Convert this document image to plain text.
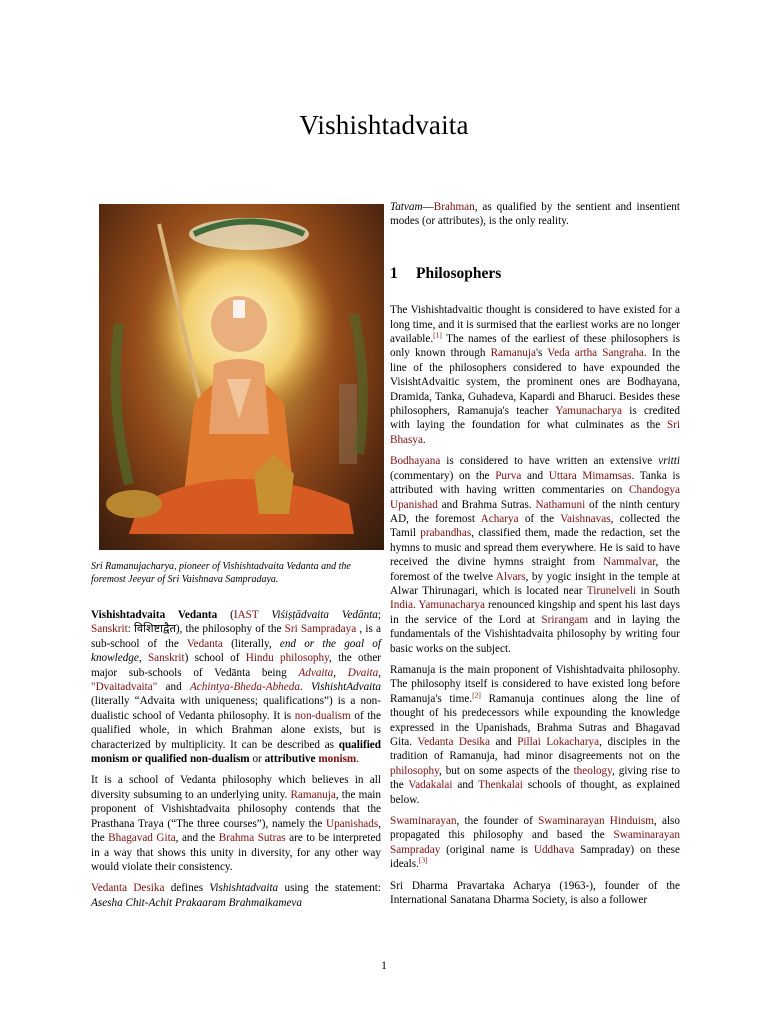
Vishishtadvaita
Sri Ramanujacharya, pioneer of Vishishtadvaita Vedanta and the foremost Jeeyar of Sri Vaishnava Sampradaya.

Vishishtadvaita Vedanta (IAST Viśiṣṭādvaita Vedānta; Sanskrit: विशिष्टाद्वैत), the philosophy of the Sri Sampradaya , is a sub-school of the Vedanta (literally, end or the goal of knowledge, Sanskrit) school of Hindu philosophy, the other major sub-schools of Vedānta being Advaita, Dvaita, "Dvaitadvaita" and Achintya-Bheda-Abheda. VishishtAdvaita (literally “Advaita with uniqueness; qualifications”) is a non-dualistic school of Vedanta philosophy. It is non-dualism of the qualified whole, in which Brahman alone exists, but is characterized by multiplicity. It can be described as qualified monism or qualified non-dualism or attributive monism.

It is a school of Vedanta philosophy which believes in all diversity subsuming to an underlying unity. Ramanuja, the main proponent of Vishishtadvaita philosophy contends that the Prasthana Traya (“The three courses”), namely the Upanishads, the Bhagavad Gita, and the Brahma Sutras are to be interpreted in a way that shows this unity in diversity, for any other way would violate their consistency.

Vedanta Desika defines Vishishtadvaita using the statement: Asesha Chit-Achit Prakaaram Brahmaikameva

Tatvam—Brahman, as qualified by the sentient and insentient modes (or attributes), is the only reality.

1 Philosophers

The Vishishtadvaitic thought is considered to have existed for a long time, and it is surmised that the earliest works are no longer available.[1] The names of the earliest of these philosophers is only known through Ramanuja's Veda artha Sangraha. In the line of the philosophers considered to have expounded the VisishtAdvaitic system, the prominent ones are Bodhayana, Dramida, Tanka, Guhadeva, Kapardi and Bharuci. Besides these philosophers, Ramanuja's teacher Yamunacharya is credited with laying the foundation for what culminates as the Sri Bhasya.

Bodhayana is considered to have written an extensive vritti (commentary) on the Purva and Uttara Mimamsas. Tanka is attributed with having written commentaries on Chandogya Upanishad and Brahma Sutras. Nathamuni of the ninth century AD, the foremost Acharya of the Vaishnavas, collected the Tamil prabandhas, classified them, made the redaction, set the hymns to music and spread them everywhere. He is said to have received the divine hymns straight from Nammalvar, the foremost of the twelve Alvars, by yogic insight in the temple at Alwar Thirunagari, which is located near Tirunelveli in South India. Yamunacharya renounced kingship and spent his last days in the service of the Lord at Srirangam and in laying the fundamentals of the Vishishtadvaita philosophy by writing four basic works on the subject.

Ramanuja is the main proponent of Vishishtadvaita philosophy. The philosophy itself is considered to have existed long before Ramanuja's time.[2] Ramanuja continues along the line of thought of his predecessors while expounding the knowledge expressed in the Upanishads, Brahma Sutras and Bhagavad Gita. Vedanta Desika and Pillai Lokacharya, disciples in the tradition of Ramanuja, had minor disagreements not on the philosophy, but on some aspects of the theology, giving rise to the Vadakalai and Thenkalai schools of thought, as explained below.

Swaminarayan, the founder of Swaminarayan Hinduism, also propagated this philosophy and based the Swaminarayan Sampraday (original name is Uddhava Sampraday) on these ideals.[3]

Sri Dharma Pravartaka Acharya (1963-), founder of the International Sanatana Dharma Society, is also a follower

1
